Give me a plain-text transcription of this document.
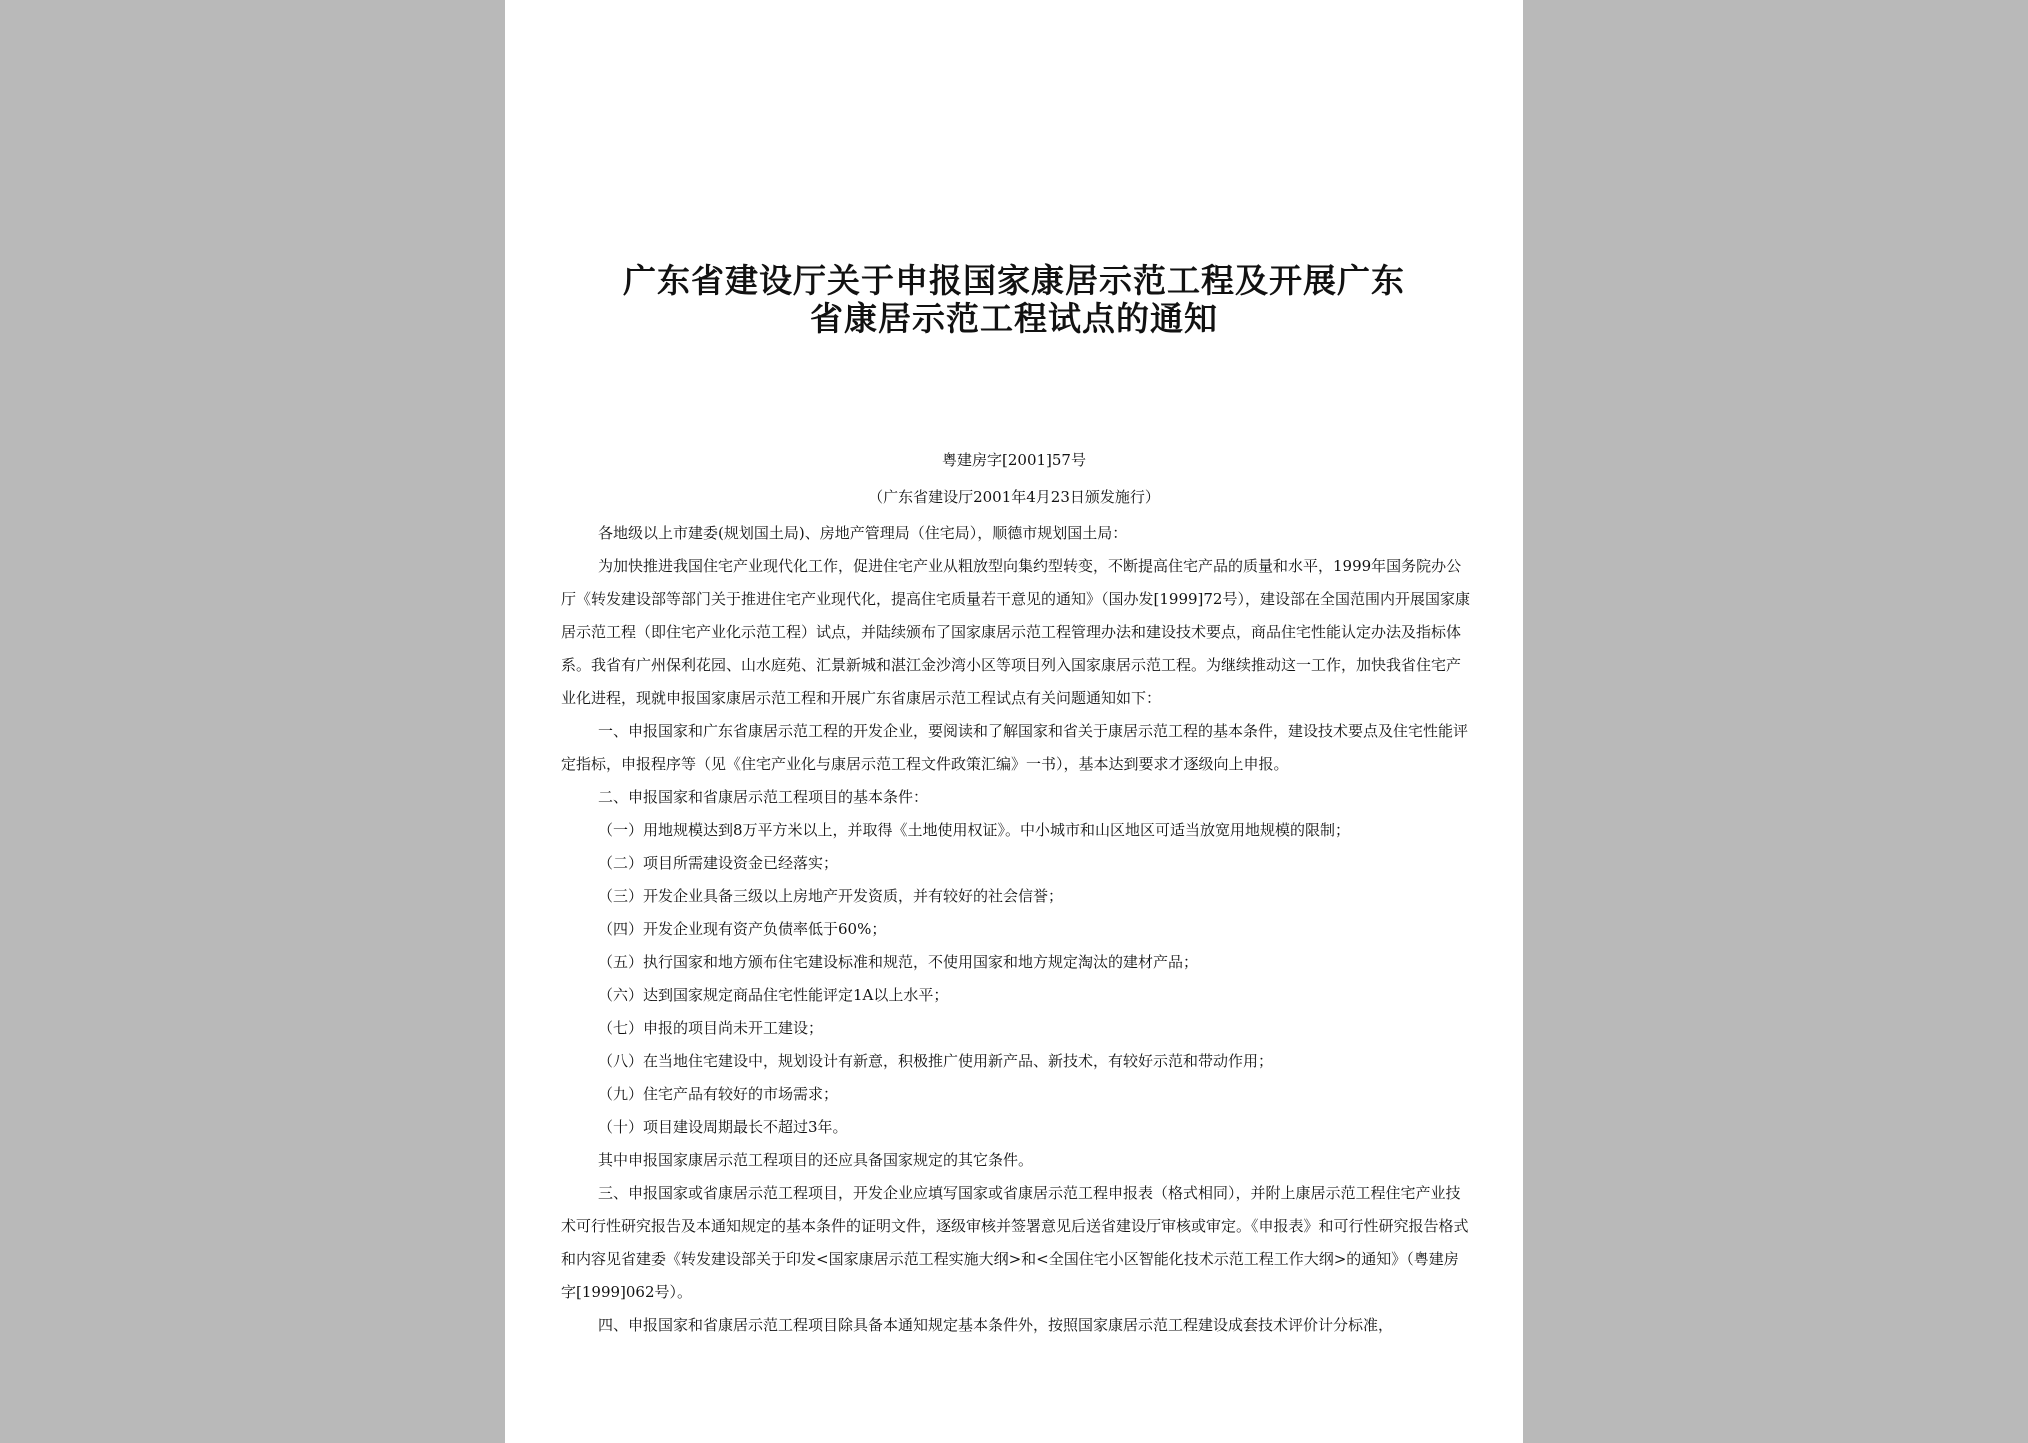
广东省建设厅关于申报国家康居示范工程及开展广东
省康居示范工程试点的通知
粤建房字[2001]57号
（广东省建设厅2001年4月23日颁发施行）

各地级以上市建委(规划国土局)、房地产管理局（住宅局），顺德市规划国土局：

为加快推进我国住宅产业现代化工作，促进住宅产业从粗放型向集约型转变，不断提高住宅产品的质量和水平，1999年国务院办公厅《转发建设部等部门关于推进住宅产业现代化，提高住宅质量若干意见的通知》（国办发[1999]72号），建设部在全国范围内开展国家康居示范工程（即住宅产业化示范工程）试点，并陆续颁布了国家康居示范工程管理办法和建设技术要点，商品住宅性能认定办法及指标体系。我省有广州保利花园、山水庭苑、汇景新城和湛江金沙湾小区等项目列入国家康居示范工程。为继续推动这一工作，加快我省住宅产业化进程，现就申报国家康居示范工程和开展广东省康居示范工程试点有关问题通知如下：

一、申报国家和广东省康居示范工程的开发企业，要阅读和了解国家和省关于康居示范工程的基本条件，建设技术要点及住宅性能评定指标，申报程序等（见《住宅产业化与康居示范工程文件政策汇编》一书），基本达到要求才逐级向上申报。

二、申报国家和省康居示范工程项目的基本条件：

（一）用地规模达到8万平方米以上，并取得《土地使用权证》。中小城市和山区地区可适当放宽用地规模的限制；

（二）项目所需建设资金已经落实；

（三）开发企业具备三级以上房地产开发资质，并有较好的社会信誉；

（四）开发企业现有资产负债率低于60%；

（五）执行国家和地方颁布住宅建设标准和规范，不使用国家和地方规定淘汰的建材产品；

（六）达到国家规定商品住宅性能评定1A以上水平；

（七）申报的项目尚未开工建设；

（八）在当地住宅建设中，规划设计有新意，积极推广使用新产品、新技术，有较好示范和带动作用；

（九）住宅产品有较好的市场需求；

（十）项目建设周期最长不超过3年。

其中申报国家康居示范工程项目的还应具备国家规定的其它条件。

三、申报国家或省康居示范工程项目，开发企业应填写国家或省康居示范工程申报表（格式相同），并附上康居示范工程住宅产业技术可行性研究报告及本通知规定的基本条件的证明文件，逐级审核并签署意见后送省建设厅审核或审定。《申报表》和可行性研究报告格式和内容见省建委《转发建设部关于印发<国家康居示范工程实施大纲>和<全国住宅小区智能化技术示范工程工作大纲>的通知》（粤建房字[1999]062号）。

四、申报国家和省康居示范工程项目除具备本通知规定基本条件外，按照国家康居示范工程建设成套技术评价计分标准，
